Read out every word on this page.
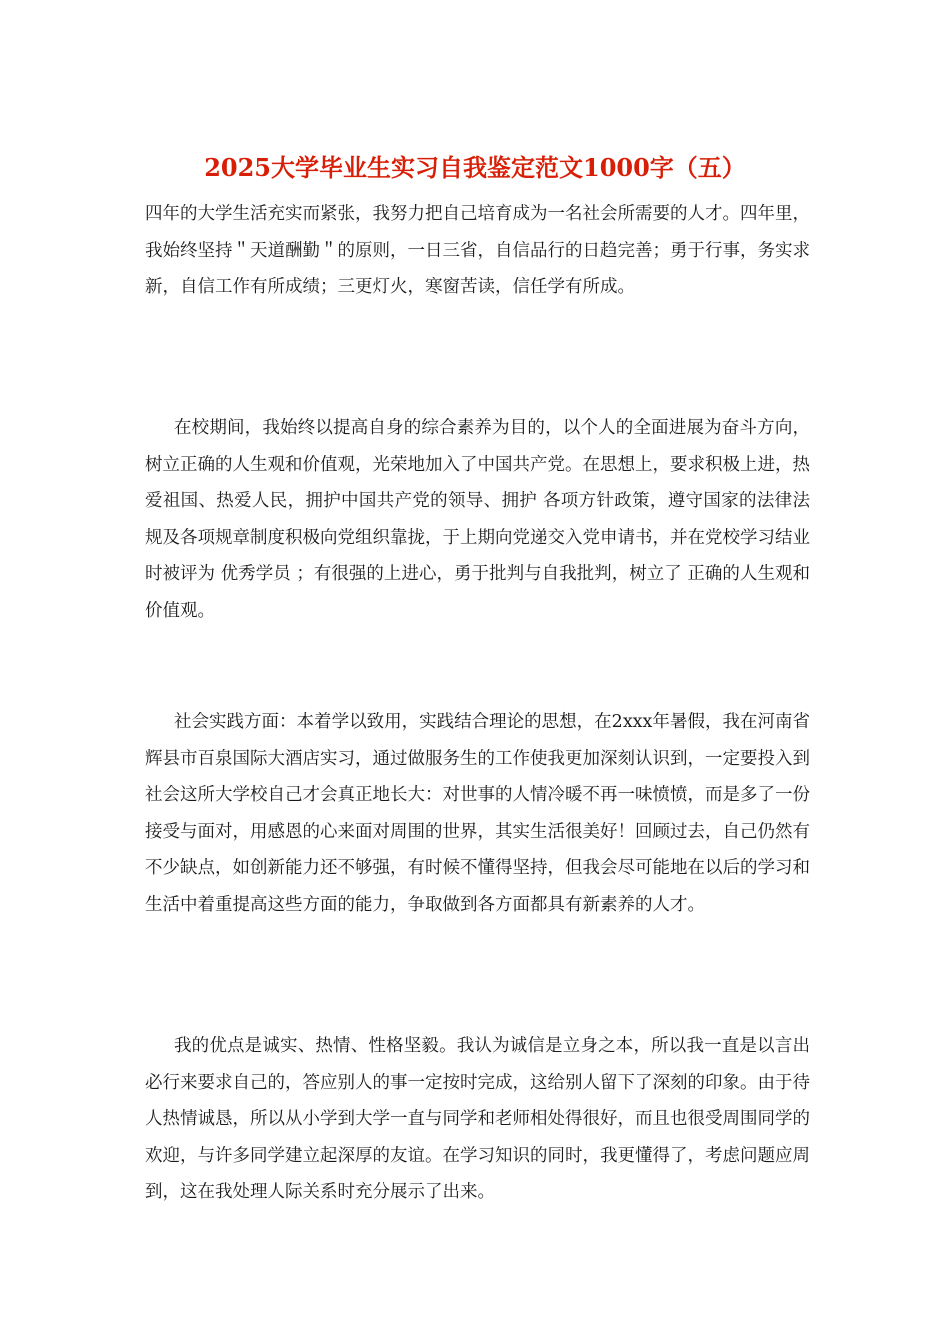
2025大学毕业生实习自我鉴定范文1000字（五）

四年的大学生活充实而紧张，我努力把自己培育成为一名社会所需要的人才。四年里，我始终坚持＂天道酬勤＂的原则，一日三省，自信品行的日趋完善；勇于行事，务实求新，自信工作有所成绩；三更灯火，寒窗苦读，信任学有所成。

在校期间，我始终以提高自身的综合素养为目的，以个人的全面进展为奋斗方向，树立正确的人生观和价值观，光荣地加入了中国共产党。在思想上，要求积极上进，热爱祖国、热爱人民，拥护中国共产党的领导、拥护 各项方针政策，遵守国家的法律法规及各项规章制度积极向党组织靠拢，于上期向党递交入党申请书，并在党校学习结业时被评为 优秀学员 ；有很强的上进心，勇于批判与自我批判，树立了 正确的人生观和价值观。

社会实践方面：本着学以致用，实践结合理论的思想，在2xxx年暑假，我在河南省辉县市百泉国际大酒店实习，通过做服务生的工作使我更加深刻认识到，一定要投入到社会这所大学校自己才会真正地长大：对世事的人情冷暖不再一味愤愤，而是多了一份接受与面对，用感恩的心来面对周围的世界，其实生活很美好！回顾过去，自己仍然有不少缺点，如创新能力还不够强，有时候不懂得坚持，但我会尽可能地在以后的学习和生活中着重提高这些方面的能力，争取做到各方面都具有新素养的人才。

我的优点是诚实、热情、性格坚毅。我认为诚信是立身之本，所以我一直是以言出必行来要求自己的，答应别人的事一定按时完成，这给别人留下了深刻的印象。由于待人热情诚恳，所以从小学到大学一直与同学和老师相处得很好，而且也很受周围同学的欢迎，与许多同学建立起深厚的友谊。在学习知识的同时，我更懂得了，考虑问题应周到，这在我处理人际关系时充分展示了出来。
